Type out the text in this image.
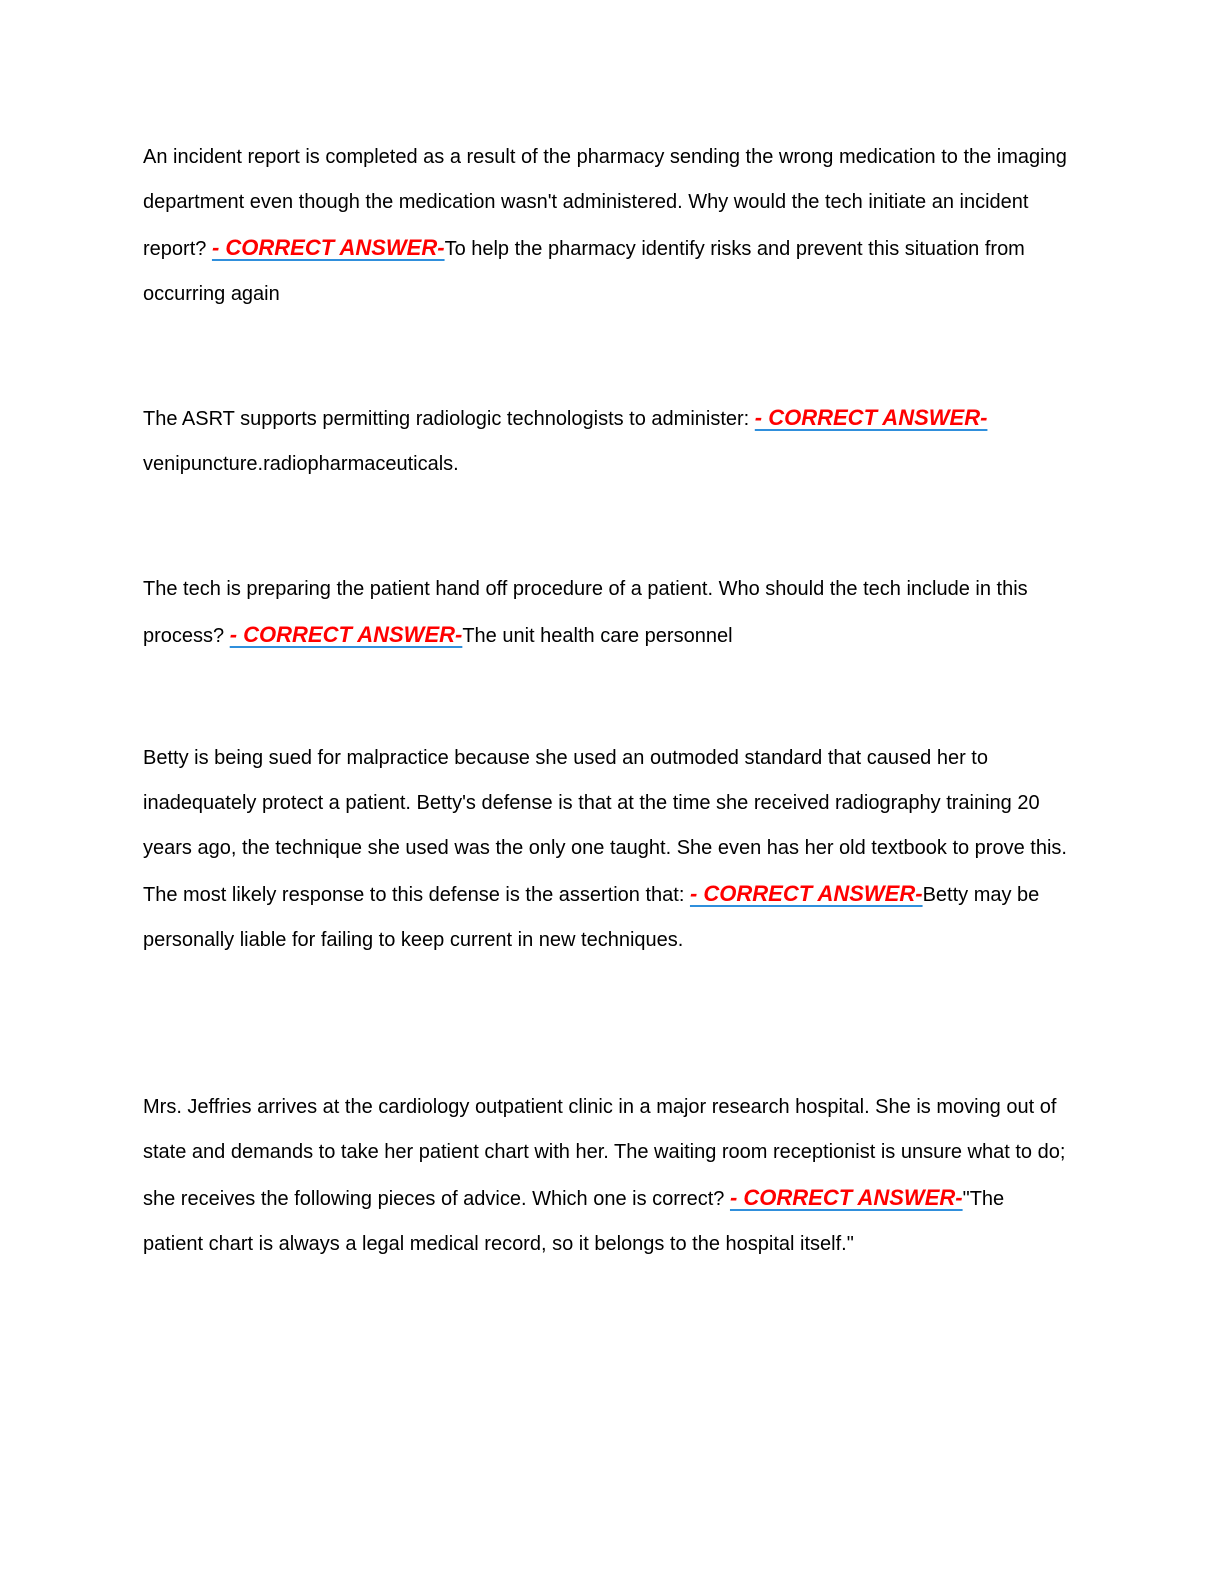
An incident report is completed as a result of the pharmacy sending the wrong medication to the imaging department even though the medication wasn't administered. Why would the tech initiate an incident report? - CORRECT ANSWER-To help the pharmacy identify risks and prevent this situation from occurring again

The ASRT supports permitting radiologic technologists to administer: - CORRECT ANSWER-venipuncture.radiopharmaceuticals.

The tech is preparing the patient hand off procedure of a patient. Who should the tech include in this process? - CORRECT ANSWER-The unit health care personnel

Betty is being sued for malpractice because she used an outmoded standard that caused her to inadequately protect a patient. Betty's defense is that at the time she received radiography training 20 years ago, the technique she used was the only one taught. She even has her old textbook to prove this. The most likely response to this defense is the assertion that: - CORRECT ANSWER-Betty may be personally liable for failing to keep current in new techniques.

Mrs. Jeffries arrives at the cardiology outpatient clinic in a major research hospital. She is moving out of state and demands to take her patient chart with her. The waiting room receptionist is unsure what to do; she receives the following pieces of advice. Which one is correct? - CORRECT ANSWER-"The patient chart is always a legal medical record, so it belongs to the hospital itself."
